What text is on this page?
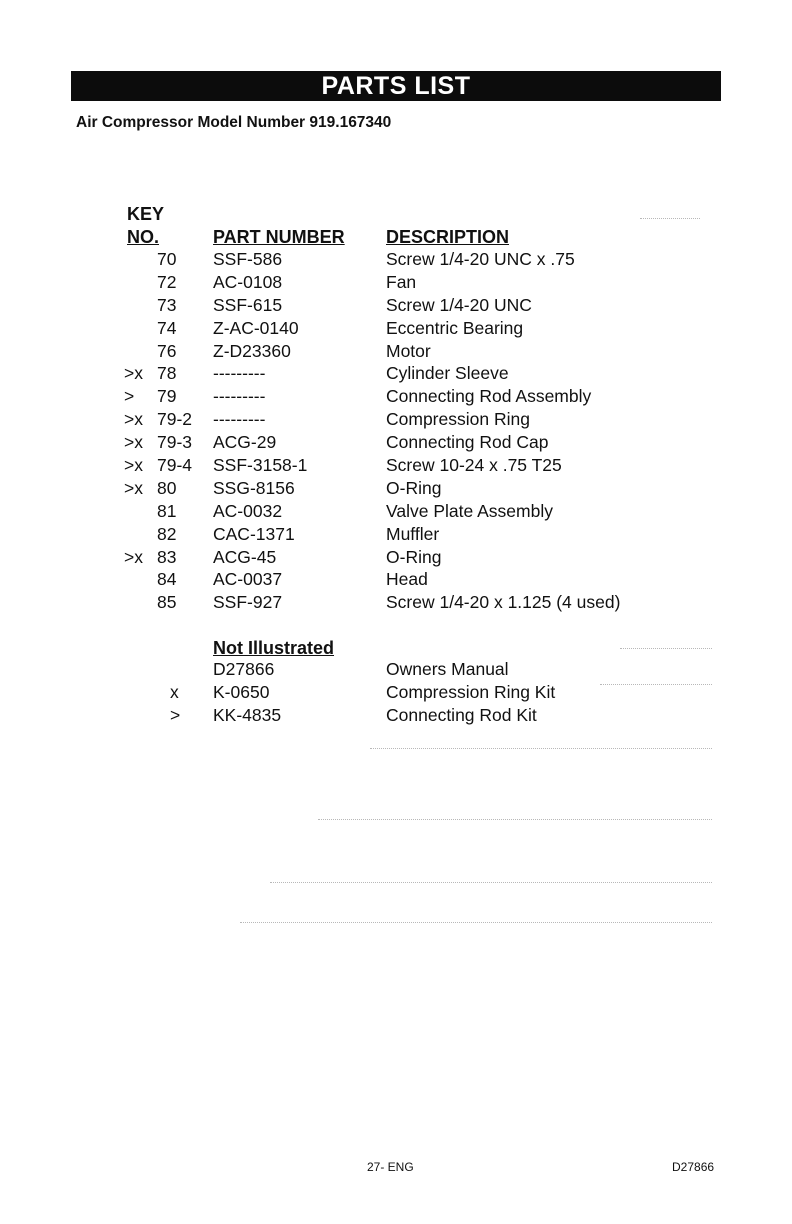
PARTS LIST
Air Compressor Model Number 919.167340
KEY
NO.	PART NUMBER DESCRIPTION
70 SSF-586	Screw 1/4-20 UNC x .75
72 AC-0108	Fan
73 SSF-615	Screw 1/4-20 UNC
74 Z-AC-0140	Eccentric Bearing
76 Z-D23360	Motor
>x 78 ---------	Cylinder Sleeve
> 79 ---------	Connecting Rod Assembly
>x 79-2 ---------	Compression Ring
>x 79-3 ACG-29	Connecting Rod Cap
>x 79-4 SSF-3158-1	Screw 10-24 x .75 T25
>x 80 SSG-8156	O-Ring
81 AC-0032	Valve Plate Assembly
82 CAC-1371	Muffler
>x 83 ACG-45	O-Ring
84 AC-0037	Head
85 SSF-927	Screw 1/4-20 x 1.125 (4 used)
Not Illustrated
D27866	Owners Manual
x K-0650	Compression Ring Kit
> KK-4835	Connecting Rod Kit
27- ENG	D27866
